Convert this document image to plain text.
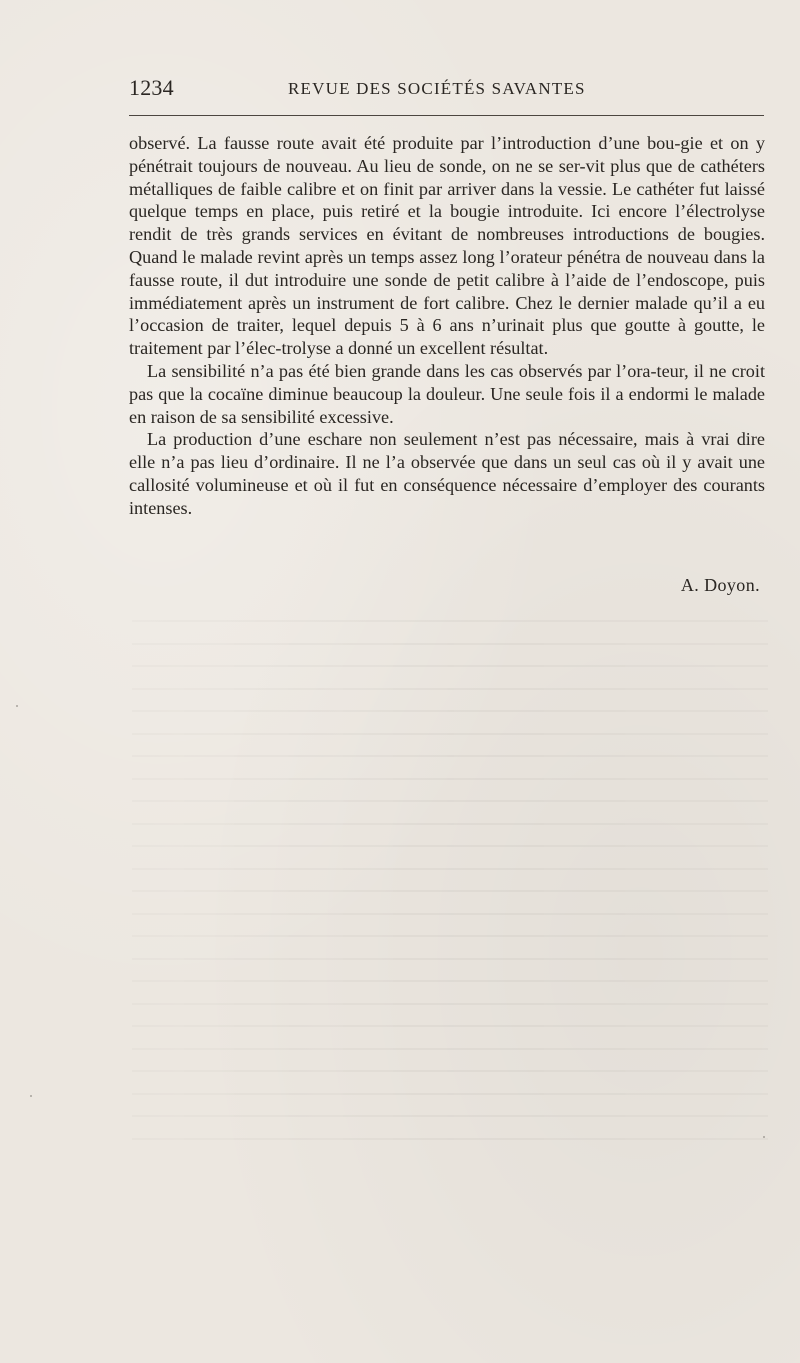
1234	REVUE DES SOCIÉTÉS SAVANTES

observé. La fausse route avait été produite par l’introduction d’une bou-gie et on y pénétrait toujours de nouveau. Au lieu de sonde, on ne se ser-vit plus que de cathéters métalliques de faible calibre et on finit par arriver dans la vessie. Le cathéter fut laissé quelque temps en place, puis retiré et la bougie introduite. Ici encore l’électrolyse rendit de très grands services en évitant de nombreuses introductions de bougies. Quand le malade revint après un temps assez long l’orateur pénétra de nouveau dans la fausse route, il dut introduire une sonde de petit calibre à l’aide de l’endoscope, puis immédiatement après un instrument de fort calibre. Chez le dernier malade qu’il a eu l’occasion de traiter, lequel depuis 5 à 6 ans n’urinait plus que goutte à goutte, le traitement par l’élec-trolyse a donné un excellent résultat.

La sensibilité n’a pas été bien grande dans les cas observés par l’ora-teur, il ne croit pas que la cocaïne diminue beaucoup la douleur. Une seule fois il a endormi le malade en raison de sa sensibilité excessive.

La production d’une eschare non seulement n’est pas nécessaire, mais à vrai dire elle n’a pas lieu d’ordinaire. Il ne l’a observée que dans un seul cas où il y avait une callosité volumineuse et où il fut en conséquence nécessaire d’employer des courants intenses.

A. Doyon.
